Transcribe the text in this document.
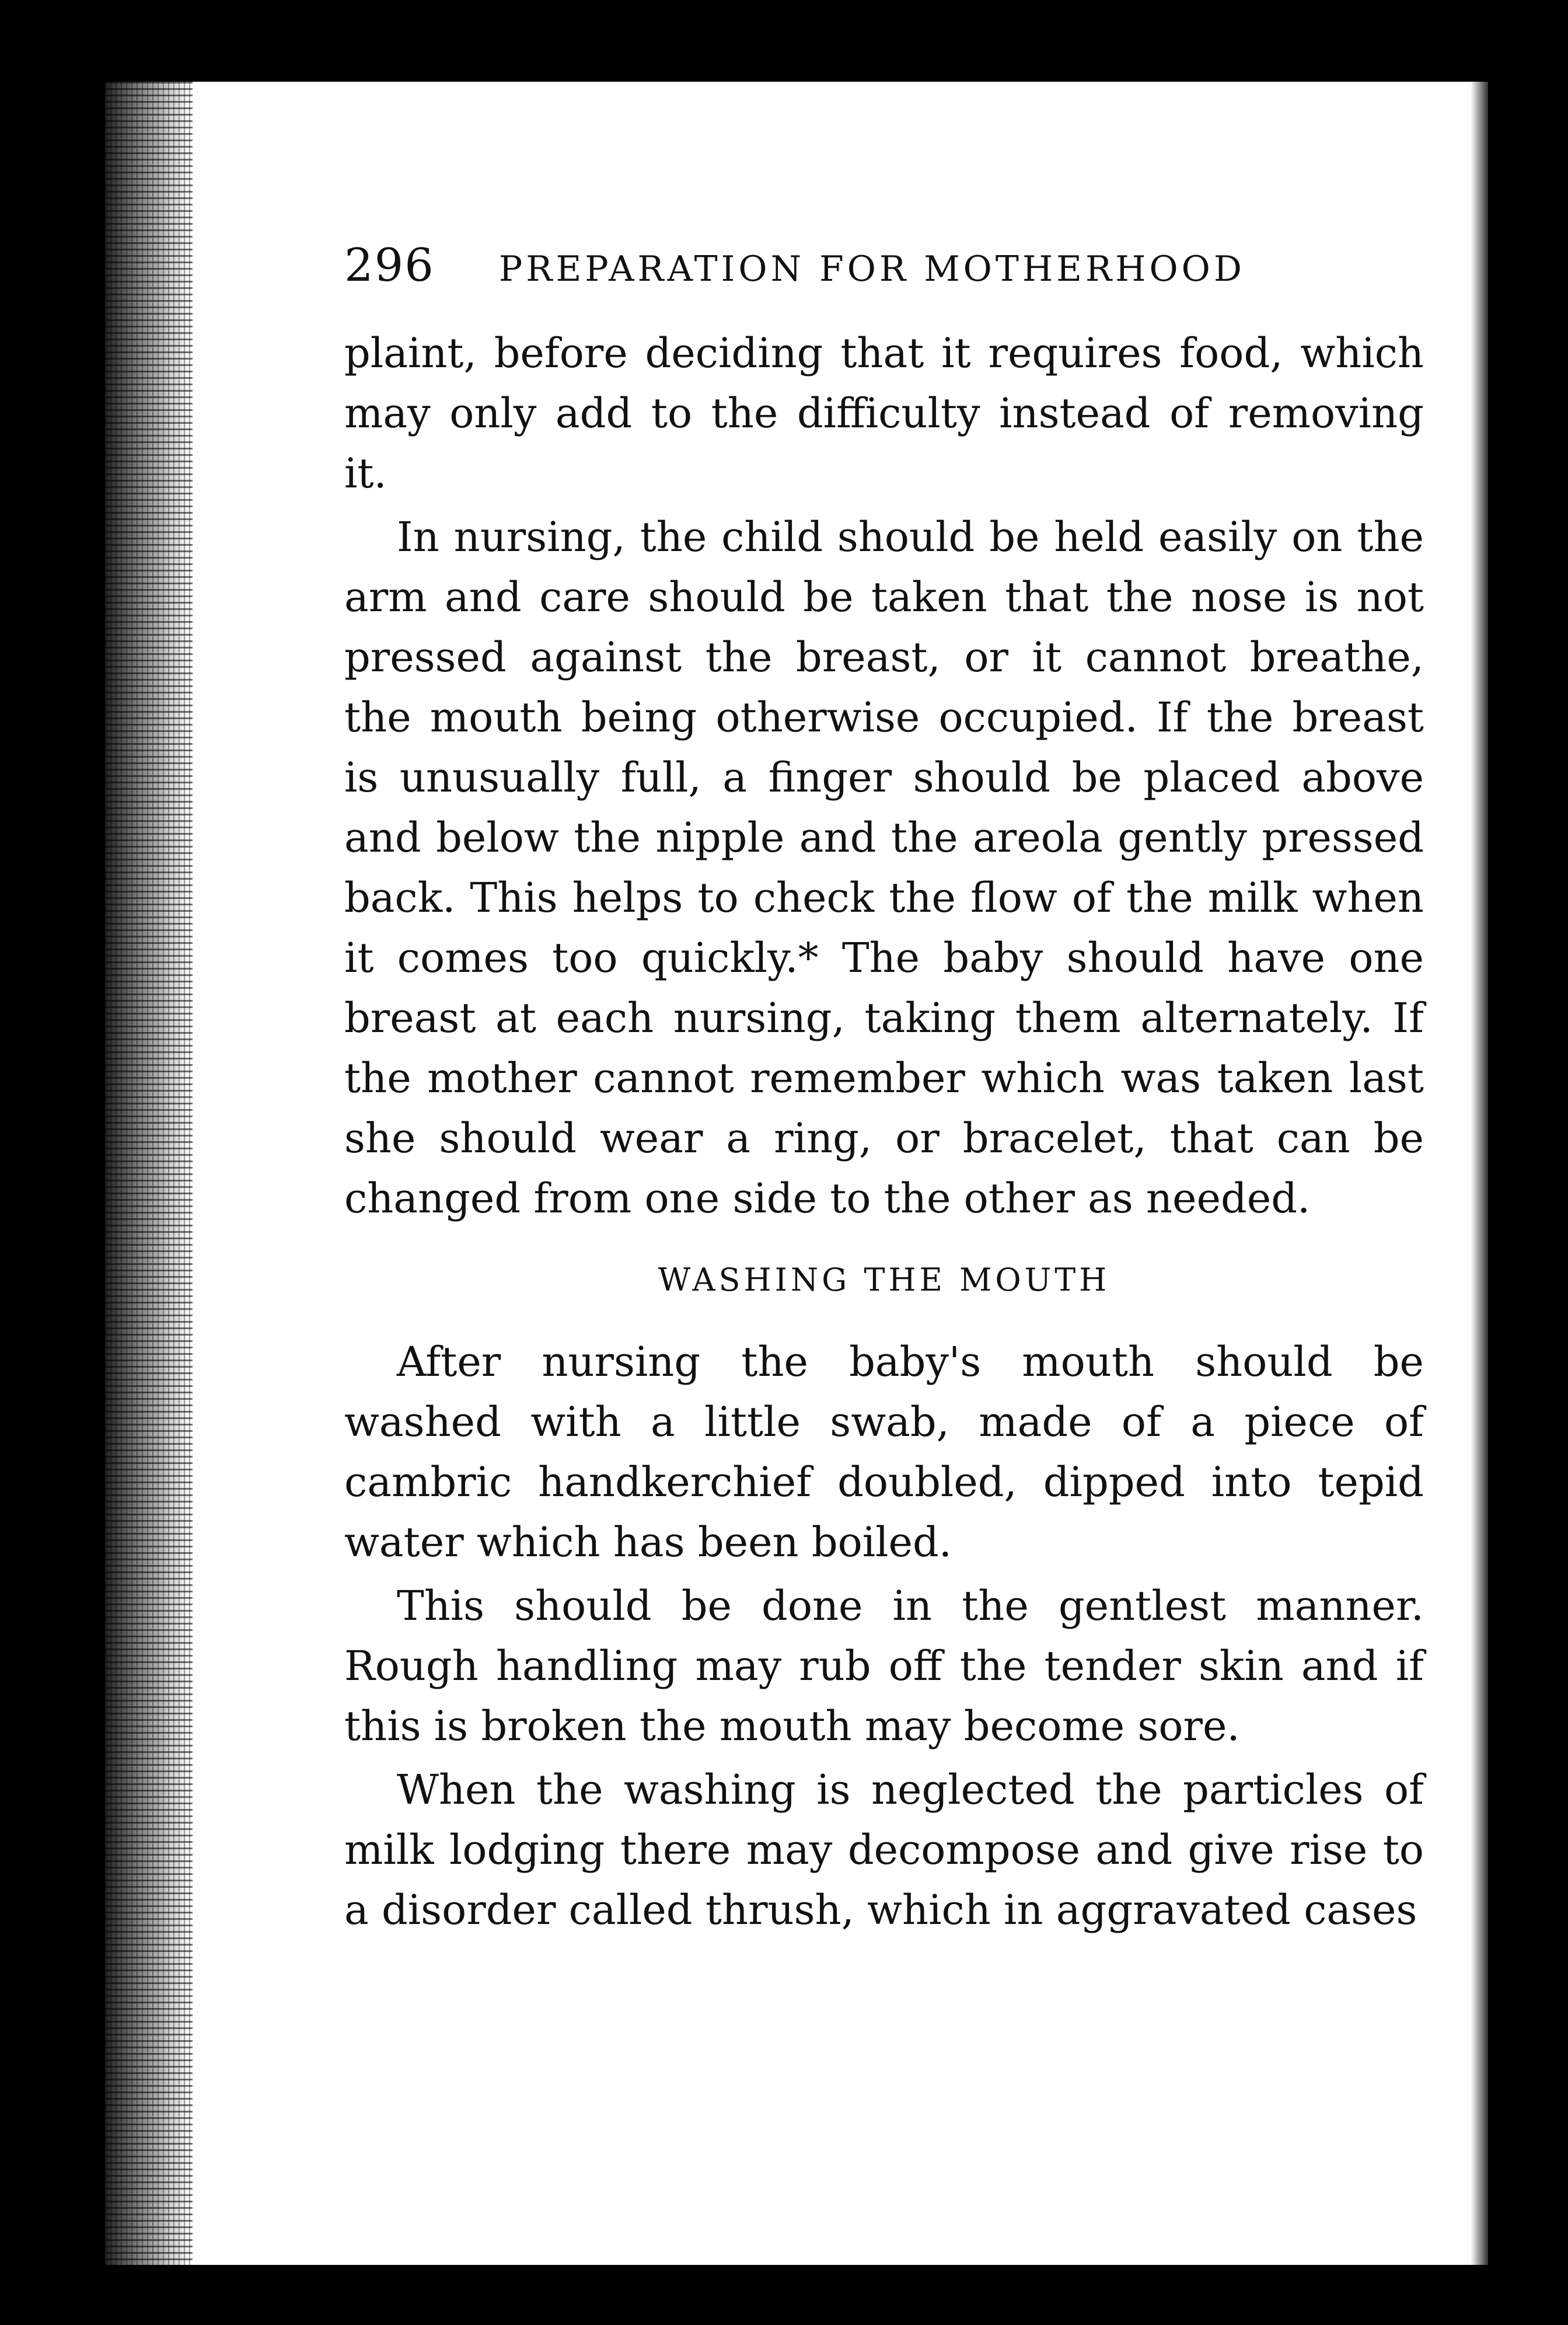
296 PREPARATION FOR MOTHERHOOD

plaint, before deciding that it requires food, which may only add to the difficulty instead of removing it.

In nursing, the child should be held easily on the arm and care should be taken that the nose is not pressed against the breast, or it cannot breathe, the mouth being otherwise occupied. If the breast is unusually full, a finger should be placed above and below the nipple and the areola gently pressed back. This helps to check the flow of the milk when it comes too quickly.* The baby should have one breast at each nursing, taking them alternately. If the mother cannot remember which was taken last she should wear a ring, or bracelet, that can be changed from one side to the other as needed.

WASHING THE MOUTH

After nursing the baby's mouth should be washed with a little swab, made of a piece of cambric handkerchief doubled, dipped into tepid water which has been boiled.

This should be done in the gentlest manner. Rough handling may rub off the tender skin and if this is broken the mouth may become sore.

When the washing is neglected the particles of milk lodging there may decompose and give rise to a disorder called thrush, which in aggravated cases
